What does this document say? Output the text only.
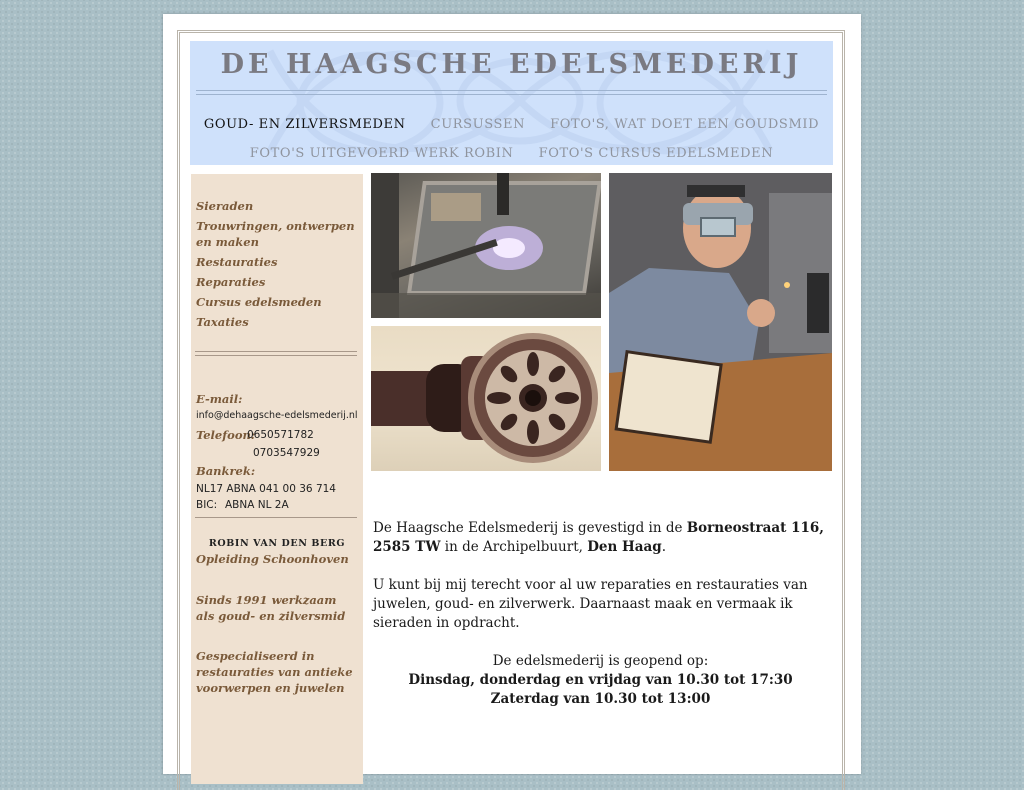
DE HAAGSCHE EDELSMEDERIJ
GOUD- EN ZILVERSMEDEN CURSUSSEN FOTO'S, WAT DOET EEN GOUDSMID
FOTO'S UITGEVOERD WERK ROBIN FOTO'S CURSUS EDELSMEDEN
Sieraden
Trouwringen, ontwerpen en maken
Restauraties
Reparaties
Cursus edelsmeden
Taxaties
E-mail:
info@dehaagsche-edelsmederij.nl
Telefoon:
0650571782
0703547929
Bankrek:
NL17 ABNA 041 00 36 714
BIC: ABNA NL 2A
ROBIN VAN DEN BERG
Opleiding Schoonhoven
Sinds 1991 werkzaam als goud- en zilversmid
Gespecialiseerd in restauraties van antieke voorwerpen en juwelen

De Haagsche Edelsmederij is gevestigd in de Borneostraat 116, 2585 TW in de Archipelbuurt, Den Haag.

U kunt bij mij terecht voor al uw reparaties en restauraties van juwelen, goud- en zilverwerk. Daarnaast maak en vermaak ik sieraden in opdracht.

De edelsmederij is geopend op:
Dinsdag, donderdag en vrijdag van 10.30 tot 17:30
Zaterdag van 10.30 tot 13:00
